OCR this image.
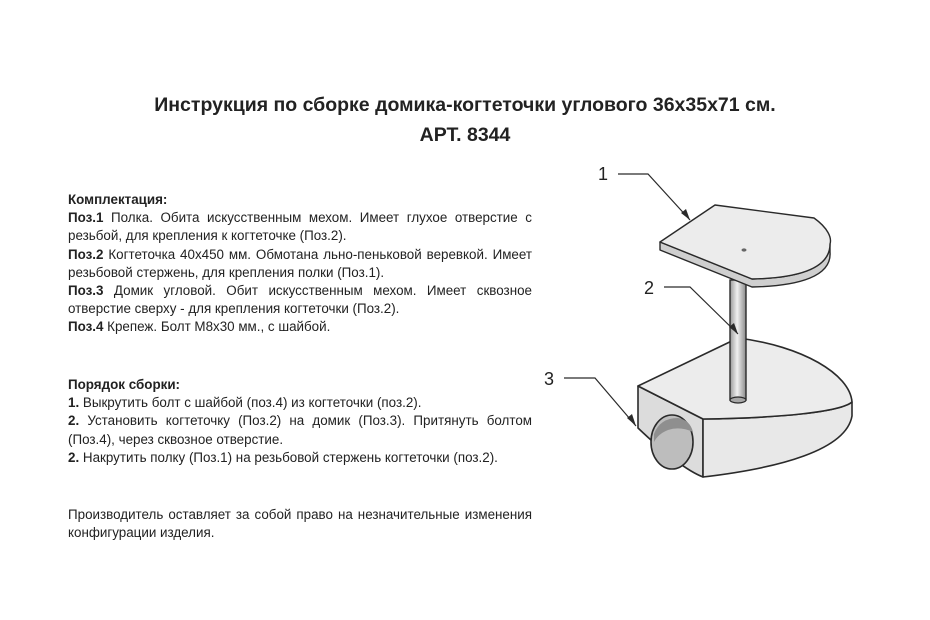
Инструкция по сборке домика-когтеточки углового 36х35х71 см.
АРТ. 8344

Комплектация:

Поз.1 Полка. Обита искусственным мехом. Имеет глухое отверстие с резьбой, для крепления к когтеточке (Поз.2).

Поз.2 Когтеточка 40х450 мм. Обмотана льно-пеньковой веревкой. Имеет резьбовой стержень, для крепления полки (Поз.1).

Поз.3 Домик угловой. Обит искусственным мехом. Имеет сквозное отверстие сверху - для крепления когтеточки (Поз.2).

Поз.4 Крепеж. Болт М8х30 мм., с шайбой.

Порядок сборки:

1. Выкрутить болт с шайбой (поз.4) из когтеточки (поз.2).

2. Установить когтеточку (Поз.2) на домик (Поз.3). Притянуть болтом (Поз.4), через сквозное отверстие.

2. Накрутить полку (Поз.1) на резьбовой стержень когтеточки (поз.2).

Производитель оставляет за собой право на незначительные изменения конфигурации изделия.

1
2
3
